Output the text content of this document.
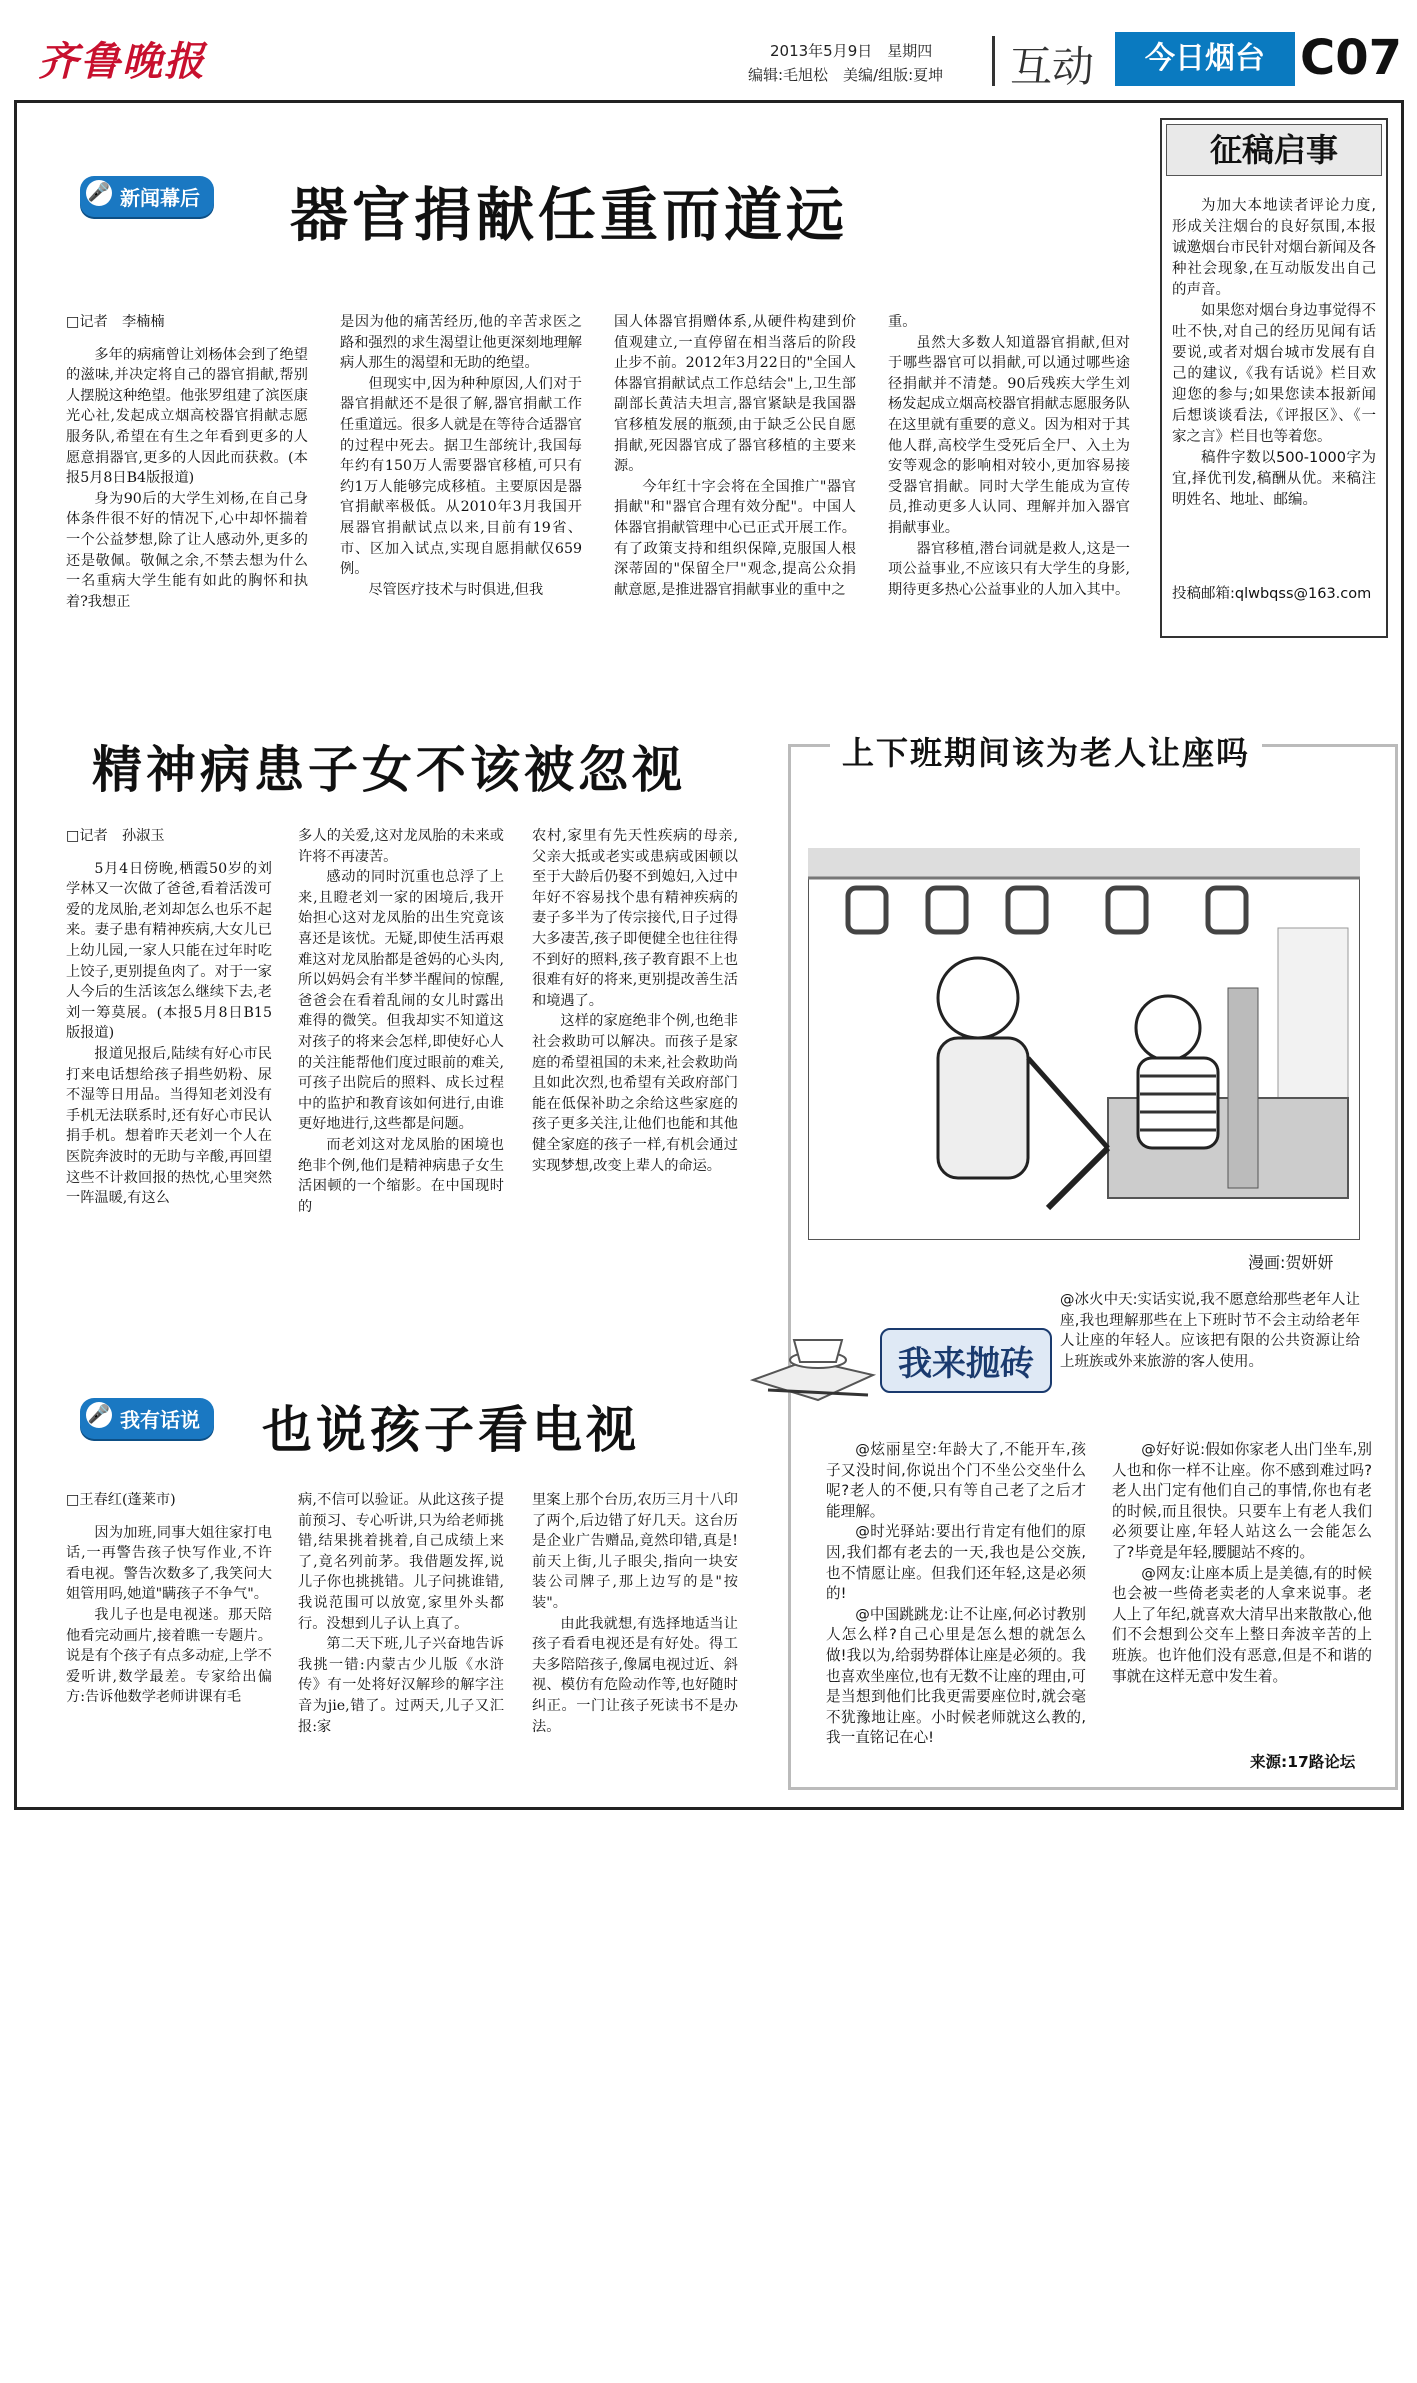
齐鲁晚报	2013年5月9日　星期四
编辑:毛旭松　美编/组版:夏坤 互动	今日烟台 C07
🎤 新闻幕后 器官捐献任重而道远
□记者　李楠楠

多年的病痛曾让刘杨体会到了绝望的滋味,并决定将自己的器官捐献,帮别人摆脱这种绝望。他张罗组建了滨医康光心社,发起成立烟高校器官捐献志愿服务队,希望在有生之年看到更多的人愿意捐器官,更多的人因此而获救。(本报5月8日B4版报道)

身为90后的大学生刘杨,在自己身体条件很不好的情况下,心中却怀揣着一个公益梦想,除了让人感动外,更多的还是敬佩。敬佩之余,不禁去想为什么一名重病大学生能有如此的胸怀和执着?我想正

是因为他的痛苦经历,他的辛苦求医之路和强烈的求生渴望让他更深刻地理解病人那生的渴望和无助的绝望。

但现实中,因为种种原因,人们对于器官捐献还不是很了解,器官捐献工作任重道远。很多人就是在等待合适器官的过程中死去。据卫生部统计,我国每年约有150万人需要器官移植,可只有约1万人能够完成移植。主要原因是器官捐献率极低。从2010年3月我国开展器官捐献试点以来,目前有19省、市、区加入试点,实现自愿捐献仅659例。

尽管医疗技术与时俱进,但我

国人体器官捐赠体系,从硬件构建到价值观建立,一直停留在相当落后的阶段止步不前。2012年3月22日的"全国人体器官捐献试点工作总结会"上,卫生部副部长黄洁夫坦言,器官紧缺是我国器官移植发展的瓶颈,由于缺乏公民自愿捐献,死因器官成了器官移植的主要来源。

今年红十字会将在全国推广"器官捐献"和"器官合理有效分配"。中国人体器官捐献管理中心已正式开展工作。有了政策支持和组织保障,克服国人根深蒂固的"保留全尸"观念,提高公众捐献意愿,是推进器官捐献事业的重中之

重。

虽然大多数人知道器官捐献,但对于哪些器官可以捐献,可以通过哪些途径捐献并不清楚。90后残疾大学生刘杨发起成立烟高校器官捐献志愿服务队在这里就有重要的意义。因为相对于其他人群,高校学生受死后全尸、入土为安等观念的影响相对较小,更加容易接受器官捐献。同时大学生能成为宣传员,推动更多人认同、理解并加入器官捐献事业。

器官移植,潜台词就是救人,这是一项公益事业,不应该只有大学生的身影,期待更多热心公益事业的人加入其中。

征稿启事

为加大本地读者评论力度,形成关注烟台的良好氛围,本报诚邀烟台市民针对烟台新闻及各种社会现象,在互动版发出自己的声音。

如果您对烟台身边事觉得不吐不快,对自己的经历见闻有话要说,或者对烟台城市发展有自己的建议,《我有话说》栏目欢迎您的参与;如果您读本报新闻后想谈谈看法,《评报区》、《一家之言》栏目也等着您。

稿件字数以500-1000字为宜,择优刊发,稿酬从优。来稿注明姓名、地址、邮编。

投稿邮箱:qlwbqss@163.com
精神病患子女不该被忽视
□记者　孙淑玉

5月4日傍晚,栖霞50岁的刘学林又一次做了爸爸,看着活泼可爱的龙凤胎,老刘却怎么也乐不起来。妻子患有精神疾病,大女儿已上幼儿园,一家人只能在过年时吃上饺子,更别提鱼肉了。对于一家人今后的生活该怎么继续下去,老刘一筹莫展。(本报5月8日B15版报道)

报道见报后,陆续有好心市民打来电话想给孩子捐些奶粉、尿不湿等日用品。当得知老刘没有手机无法联系时,还有好心市民认捐手机。想着昨天老刘一个人在医院奔波时的无助与辛酸,再回望这些不计救回报的热忱,心里突然一阵温暖,有这么

多人的关爱,这对龙凤胎的未来或许将不再凄苦。

感动的同时沉重也总浮了上来,且瞪老刘一家的困境后,我开始担心这对龙凤胎的出生究竟该喜还是该忧。无疑,即使生活再艰难这对龙凤胎都是爸妈的心头肉,所以妈妈会有半梦半醒间的惊醒,爸爸会在看着乱闹的女儿时露出难得的微笑。但我却实不知道这对孩子的将来会怎样,即使好心人的关注能帮他们度过眼前的难关,可孩子出院后的照料、成长过程中的监护和教育该如何进行,由谁更好地进行,这些都是问题。

而老刘这对龙凤胎的困境也绝非个例,他们是精神病患子女生活困顿的一个缩影。在中国现时的

农村,家里有先天性疾病的母亲,父亲大抵或老实或患病或困顿以至于大龄后仍娶不到媳妇,入过中年好不容易找个患有精神疾病的妻子多半为了传宗接代,日子过得大多凄苦,孩子即便健全也往往得不到好的照料,孩子教育跟不上也很难有好的将来,更别提改善生活和境遇了。

这样的家庭绝非个例,也绝非社会救助可以解决。而孩子是家庭的希望祖国的未来,社会救助尚且如此次烈,也希望有关政府部门能在低保补助之余给这些家庭的孩子更多关注,让他们也能和其他健全家庭的孩子一样,有机会通过实现梦想,改变上辈人的命运。

🎤 我有话说 也说孩子看电视
□王春红(蓬莱市)

因为加班,同事大姐往家打电话,一再警告孩子快写作业,不许看电视。警告次数多了,我笑问大姐管用吗,她道"瞒孩子不争气"。

我儿子也是电视迷。那天陪他看完动画片,接着瞧一专题片。说是有个孩子有点多动症,上学不爱听讲,数学最差。专家给出偏方:告诉他数学老师讲课有毛

病,不信可以验证。从此这孩子提前预习、专心听讲,只为给老师挑错,结果挑着挑着,自己成绩上来了,竟名列前茅。我借题发挥,说儿子你也挑挑错。儿子问挑谁错,我说范围可以放宽,家里外头都行。没想到儿子认上真了。

第二天下班,儿子兴奋地告诉我挑一错:内蒙古少儿版《水浒传》有一处将好汉解珍的解字注音为jie,错了。过两天,儿子又汇报:家

里案上那个台历,农历三月十八印了两个,后边错了好几天。这台历是企业广告赠品,竟然印错,真是!前天上街,儿子眼尖,指向一块安装公司牌子,那上边写的是"按装"。

由此我就想,有选择地适当让孩子看看电视还是有好处。得工夫多陪陪孩子,像属电视过近、斜视、模仿有危险动作等,也好随时纠正。一门让孩子死读书不是办法。

上下班期间该为老人让座吗
漫画:贺妍妍
我来抛砖
@冰火中天:实话实说,我不愿意给那些老年人让座,我也理解那些在上下班时节不会主动给老年人让座的年轻人。应该把有限的公共资源让给上班族或外来旅游的客人使用。

@炫丽星空:年龄大了,不能开车,孩子又没时间,你说出个门不坐公交坐什么呢?老人的不便,只有等自己老了之后才能理解。

@时光驿站:要出行肯定有他们的原因,我们都有老去的一天,我也是公交族,也不情愿让座。但我们还年轻,这是必须的!

@中国跳跳龙:让不让座,何必讨教别人怎么样?自己心里是怎么想的就怎么做!我以为,给弱势群体让座是必须的。我也喜欢坐座位,也有无数不让座的理由,可是当想到他们比我更需要座位时,就会毫不犹豫地让座。小时候老师就这么教的,我一直铭记在心!

@好好说:假如你家老人出门坐车,别人也和你一样不让座。你不感到难过吗?老人出门定有他们自己的事情,你也有老的时候,而且很快。只要车上有老人我们必须要让座,年轻人站这么一会能怎么了?毕竟是年轻,腰腿站不疼的。

@网友:让座本质上是美德,有的时候也会被一些倚老卖老的人拿来说事。老人上了年纪,就喜欢大清早出来散散心,他们不会想到公交车上整日奔波辛苦的上班族。也许他们没有恶意,但是不和谐的事就在这样无意中发生着。

来源:17路论坛
